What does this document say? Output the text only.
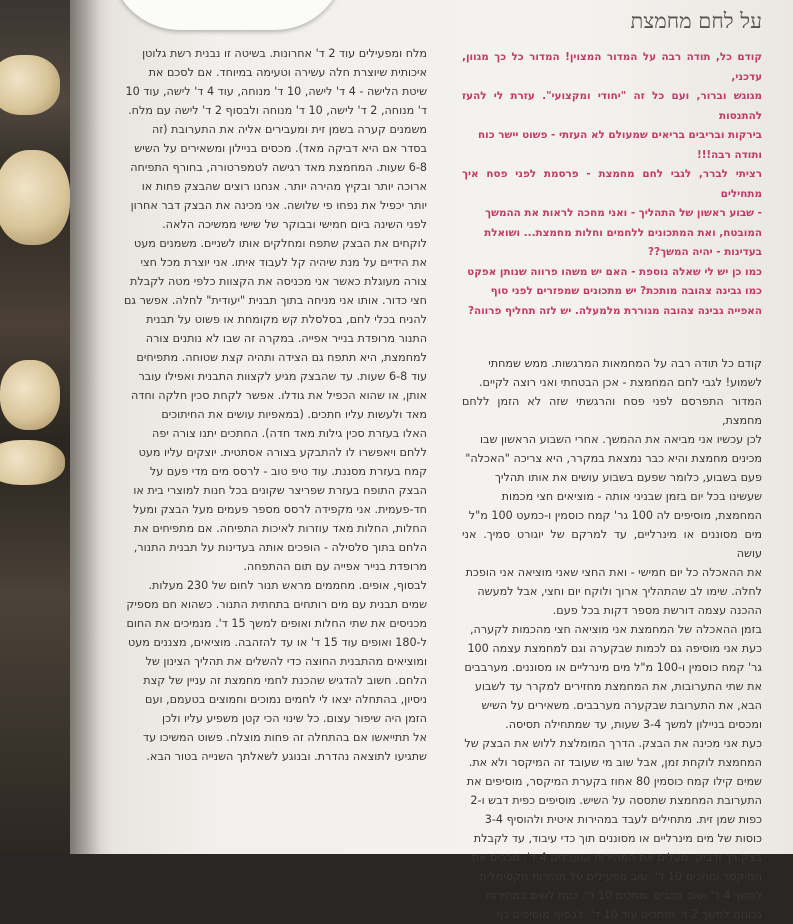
מלח ומפעילים עוד 2 ד' אחרונות. בשיטה זו נבנית רשת גלוטן

איכותית שיוצרת חלה עשירה וטעימה במיוחד. אם לסכם את

שיטת הלישה - 4 ד' לישה, 10 ד' מנוחה, עוד 4 ד' לישה, עוד 10

ד' מנוחה, 2 ד' לישה, 10 ד' מנוחה ולבסוף 2 ד' לישה עם מלח.

משמנים קערה בשמן זית ומעבירים אליה את התערובת (זה

בסדר אם היא דביקה מאד). מכסים בניילון ומשאירים על השיש

6-8 שעות. המחמצת מאד רגישה לטמפרטורה, בחורף התפיחה

ארוכה יותר ובקיץ מהירה יותר. אנחנו רוצים שהבצק פחות או

יותר יכפיל את נפחו פי שלושה. אני מכינה את הבצק דבר אחרון

לפני השינה ביום חמישי ובבוקר של שישי ממשיכה הלאה.

לוקחים את הבצק שתפח ומחלקים אותו לשניים. משמנים מעט

את הידיים על מנת שיהיה קל לעבוד איתו. אני יוצרת מכל חצי

צורה מעוגלת כאשר אני מכניסה את הקצוות כלפי מטה לקבלת

חצי כדור. אותו אני מניחה בתוך תבנית "יעודית" לחלה. אפשר גם

להניח בכלי לחם, בסלסלת קש מקומחת או פשוט על תבנית

התנור מרופדת בנייר אפייה. במקרה זה שבו לא נותנים צורה

למחמצת, היא תתפח גם הצידה ותהיה קצת שטוחה. מתפיחים

עוד 6-8 שעות. עד שהבצק מגיע לקצוות התבנית ואפילו עובר

אותן, או שהוא הכפיל את גודלו. אפשר לקחת סכין חלקה וחדה

מאד ולעשות עליו חתכים. (במאפיות עושים את החיתוכים

האלו בעזרת סכין גילות מאד חדה). החתכים יתנו צורה יפה

ללחם ויאפשרו לו להתבקע בצורה אסתטית. יוצקים עליו מעט

קמח בעזרת מסננת. עוד טיפ טוב - לרסס מים מדי פעם על

הבצק התופח בעזרת שפריצר שקונים בכל חנות למוצרי בית או

חד-פעמית. אני מקפידה לרסס מספר פעמים מעל הבצק ומעל

החלות, החלות מאד עוזרות לאיכות התפיחה. אם מתפיחים את

הלחם בתוך סלסילה - הופכים אותה בעדינות על תבנית התנור,

מרופדת בנייר אפייה עם תום ההתפחה.

לבסוף, אופים. מחממים מראש תנור לחום של 230 מעלות.

שמים תבנית עם מים רותחים בתחתית התנור. כשהוא חם מספיק

מכניסים את שתי החלות ואופים למשך 15 ד'. מנמיכים את החום

ל-180 ואופים עוד 15 ד' או עד להזהבה. מוציאים, מצננים מעט

ומוציאים מהתבנית החוצה כדי להשלים את תהליך הצינון של

הלחם. חשוב להדגיש שהכנת לחמי מחמצת זה עניין של קצת

ניסיון, בהתחלה יצאו לי לחמים נמוכים וחמוצים בטעמם, ועם

הזמן היה שיפור עצום. כל שינוי הכי קטן משפיע עליו ולכן

אל תתייאשו אם בהתחלה זה פחות מוצלח. פשוט המשיכו עד

שתגיעו לתוצאה נהדרת. ובנוגע לשאלתך השנייה בטור הבא.

על לחם מחמצת

קודם כל, תודה רבה על המדור המצוין! המדור כל כך מגוון, עדכני,

מגוגש וברור, ועם כל זה "יחודי ומקצועי". עזרת לי להעז להתנסות

בירקות ובריבים בריאים שמעולם לא העזתי - פשוט יישר כוח

ותודה רבה!!!

רציתי לברר, לגבי לחם מחמצת - פרסמת לפני פסח איך מתחילים

- שבוע ראשון של התהליך - ואני מחכה לראות את ההמשך

המובטח, ואת המתכונים ללחמים וחלות מחמצת... ושואלת

בעדינות - יהיה המשך??

כמו כן יש לי שאלה נוספת - האם יש משהו פרווה שנותן אפקט

כמו גבינה צהובה מותכת? יש מתכונים שמפזרים לפני סוף

האפייה גבינה צהובה מגוררת מלמעלה. יש לזה תחליף פרווה?

קודם כל תודה רבה על המחמאות המרגשות. ממש שמחתי

לשמוע! לגבי לחם המחמצת - אכן הבטחתי ואני רוצה לקיים.

המדור התפרסם לפני פסח והרגשתי שזה לא הזמן ללחם מחמצת,

לכן עכשיו אני מביאה את ההמשך. אחרי השבוע הראשון שבו

מכינים מחמצת והיא כבר נמצאת במקרר, היא צריכה "האכלה"

פעם בשבוע, כלומר שפעם בשבוע עושים את אותו תהליך

שעשינו בכל יום בזמן שבניני אותה - מוציאים חצי מכמות

המחמצת, מוסיפים לה 100 גר' קמח כוסמין ו-כמעט 100 מ"ל

מים מסוננים או מינרליים, עד למרקם של יוגורט סמיך. אני עושה

את ההאכלה כל יום חמישי - ואת החצי שאני מוציאה אני הופכת

לחלה. שימו לב שהתהליך ארוך ולוקח יום וחצי, אבל למעשה

ההכנה עצמה דורשת מספר דקות בכל פעם.

בזמן ההאכלה של המחמצת אני מוציאה חצי מהכמות לקערה,

כעת אני מוסיפה גם לכמות שבקערה וגם למחמצת עצמה 100

גר' קמח כוסמין ו-100 מ"ל מים מינרליים או מסוננים. מערבבים

את שתי התערובות, את המחמצת מחזירים למקרר עד לשבוע

הבא, את התערובת שבקערה מערבבים. משאירים על השיש

ומכסים בניילון למשך 3-4 שעות, עד שמתחילה תסיסה.

כעת אני מכינה את הבצק. הדרך המומלצת ללוש את הבצק של

המחמצת לוקחת זמן, אבל שוב מי שעובד זה המיקסר ולא את.

שמים קילו קמח כוסמין 80 אחוז בקערת המיקסר, מוסיפים את

התערובת המחמצת שתססה על השיש. מוסיפים כפית דבש ו-2

כפות שמן זית. מתחילים לעבד במהירות איטית ולהוסיף 3-4

כוסות של מים מינרליים או מסוננים תוך כדי עיבוד, עד לקבלת

בצק רך ודביק. מעלים את המהירות ומעבדים 4 ד', מכבים את

המיקסר ומחכים 10 ד'. שוב מפעילים על מהירות מקסימלית

למשך 4 ד' ושוב מכבים ומחכים 10 ד'. כעת לשים במהירות

גבוהה למשך 2 ד' ומחכים עוד 10 ד'. לבסוף מוסיפים כף
